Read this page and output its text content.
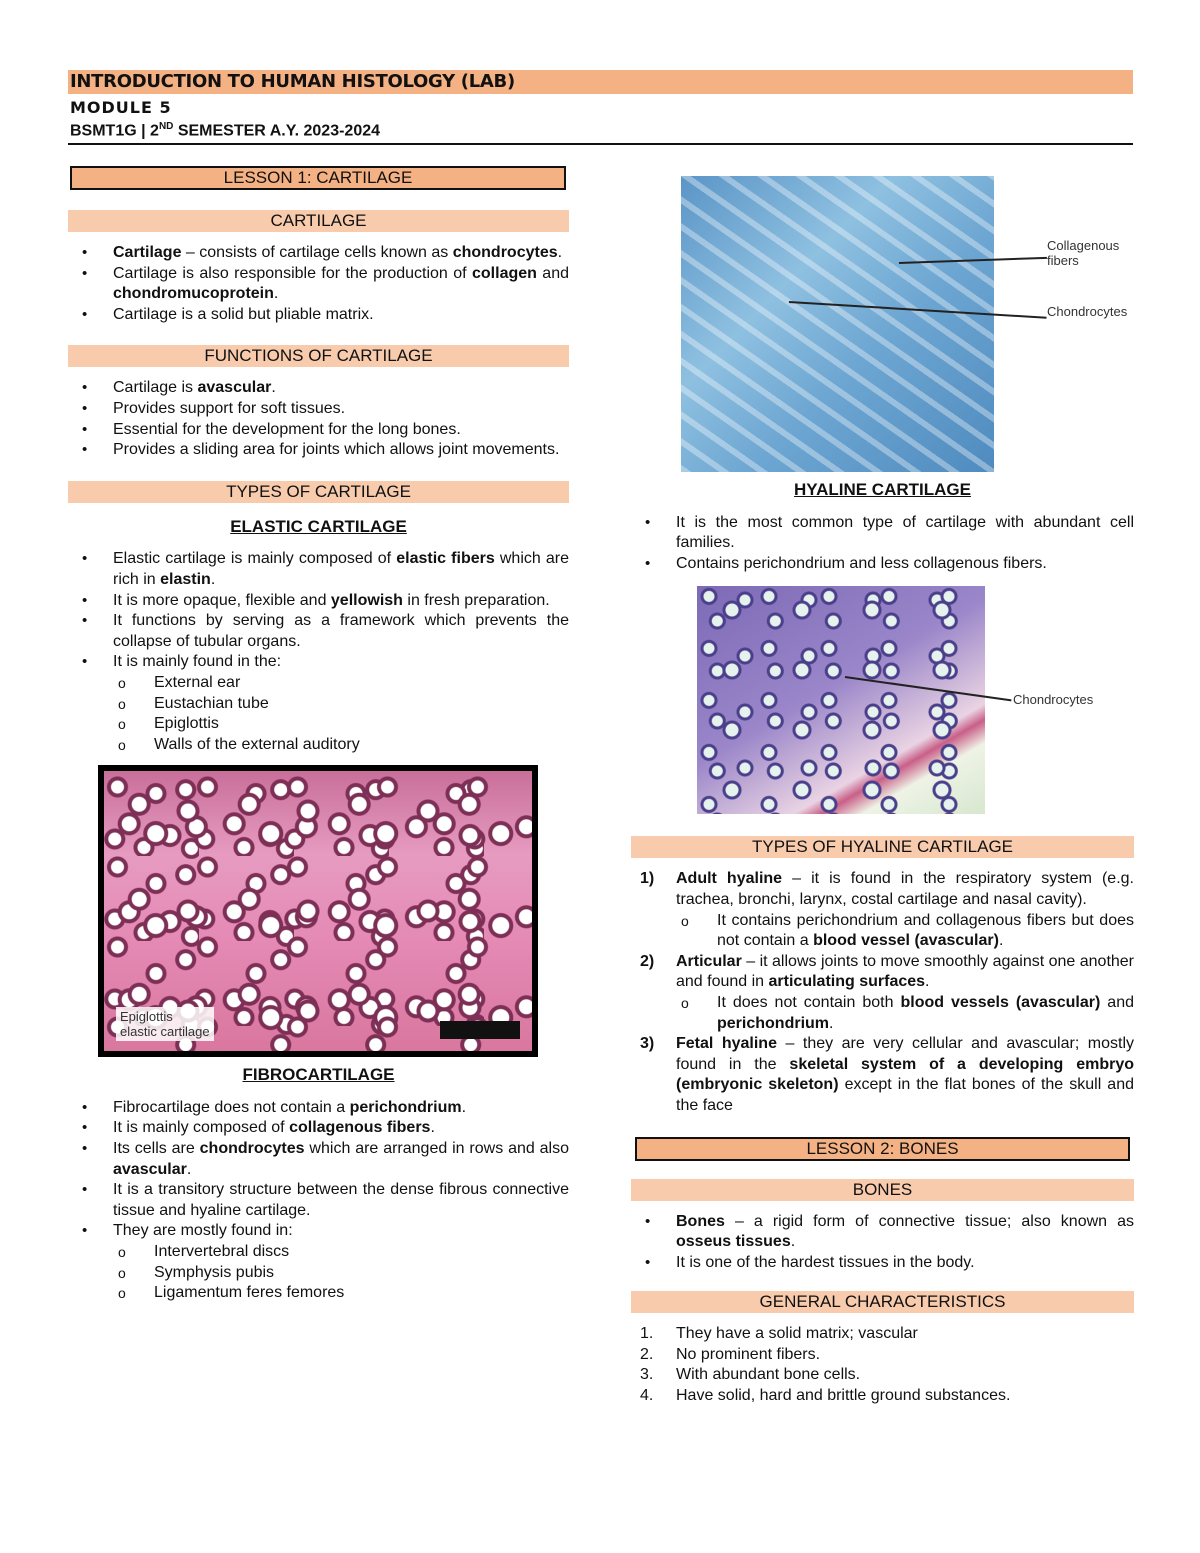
INTRODUCTION TO HUMAN HISTOLOGY (LAB)
MODULE 5
BSMT1G | 2ND SEMESTER A.Y. 2023-2024
LESSON 1: CARTILAGE
CARTILAGE
• Cartilage – consists of cartilage cells known as chondrocytes.
• Cartilage is also responsible for the production of collagen and chondromucoprotein.
• Cartilage is a solid but pliable matrix.
FUNCTIONS OF CARTILAGE
• Cartilage is avascular.
• Provides support for soft tissues.
• Essential for the development for the long bones.
• Provides a sliding area for joints which allows joint movements.
TYPES OF CARTILAGE
ELASTIC CARTILAGE
• Elastic cartilage is mainly composed of elastic fibers which are rich in elastin.
• It is more opaque, flexible and yellowish in fresh preparation.
• It functions by serving as a framework which prevents the collapse of tubular organs.
• It is mainly found in the:
o External ear
o Eustachian tube
o Epiglottis
o Walls of the external auditory
Epiglottis
elastic cartilage
FIBROCARTILAGE
• Fibrocartilage does not contain a perichondrium.
• It is mainly composed of collagenous fibers.
• Its cells are chondrocytes which are arranged in rows and also avascular.
• It is a transitory structure between the dense fibrous connective tissue and hyaline cartilage.
• They are mostly found in:
o Intervertebral discs
o Symphysis pubis
o Ligamentum feres femores
Collagenous
fibers
Chondrocytes
HYALINE CARTILAGE
• It is the most common type of cartilage with abundant cell families.
• Contains perichondrium and less collagenous fibers.
Chondrocytes
TYPES OF HYALINE CARTILAGE
1) Adult hyaline – it is found in the respiratory system (e.g. trachea, bronchi, larynx, costal cartilage and nasal cavity).
o It contains perichondrium and collagenous fibers but does not contain a blood vessel (avascular).
2) Articular – it allows joints to move smoothly against one another and found in articulating surfaces.
o It does not contain both blood vessels (avascular) and perichondrium.
3) Fetal hyaline – they are very cellular and avascular; mostly found in the skeletal system of a developing embryo (embryonic skeleton) except in the flat bones of the skull and the face
LESSON 2: BONES
BONES
• Bones – a rigid form of connective tissue; also known as osseus tissues.
• It is one of the hardest tissues in the body.
GENERAL CHARACTERISTICS
1. They have a solid matrix; vascular
2. No prominent fibers.
3. With abundant bone cells.
4. Have solid, hard and brittle ground substances.
